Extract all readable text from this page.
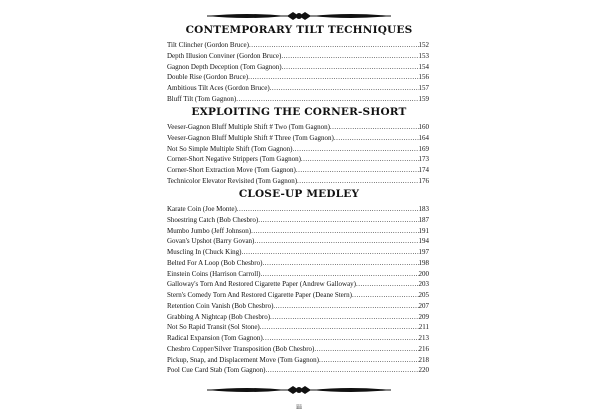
CONTEMPORARY TILT TECHNIQUES
Tilt Clincher (Gordon Bruce) .....	152
Depth Illusion Conviner (Gordon Bruce) .....	153
Gagnon Depth Deception (Tom Gagnon) .....	154
Double Rise (Gordon Bruce) .....	156
Ambitious Tilt Aces (Gordon Bruce) .....	157
Bluff Tilt (Tom Gagnon) .....	159
EXPLOITING THE CORNER-SHORT
Veeser-Gagnon Bluff Multiple Shift # Two (Tom Gagnon) .....	160
Veeser-Gagnon Bluff Multiple Shift # Three (Tom Gagnon) .....	164
Not So Simple Multiple Shift (Tom Gagnon) .....	169
Corner-Short Negative Strippers (Tom Gagnon) .....	173
Corner-Short Extraction Move (Tom Gagnon) .....	174
Technicolor Elevator Revisited (Tom Gagnon) .....	176
CLOSE-UP MEDLEY
Karate Coin (Joe Monte) .....	183
Shoestring Catch (Bob Chesbro) .....	187
Mumbo Jumbo (Jeff Johnson) .....	191
Govan's Upshot (Barry Govan) .....	194
Muscling In (Chuck King) .....	197
Belted For A Loop (Bob Chesbro) .....	198
Einstein Coins (Harrison Carroll) .....	200
Galloway's Torn And Restored Cigarette Paper (Andrew Galloway) .....	203
Stern's Comedy Torn And Restored Cigarette Paper (Deane Stern) .....	205
Retention Coin Vanish (Bob Chesbro) .....	207
Grabbing A Nightcap (Bob Chesbro) .....	209
Not So Rapid Transit (Sol Stone) .....	211
Radical Expansion (Tom Gagnon) .....	213
Chesbro Copper/Silver Transposition (Bob Chesbro) .....	216
Pickup, Snap, and Displacement Move (Tom Gagnon) .....	218
Pool Cue Card Stab (Tom Gagnon) .....	220
iii
